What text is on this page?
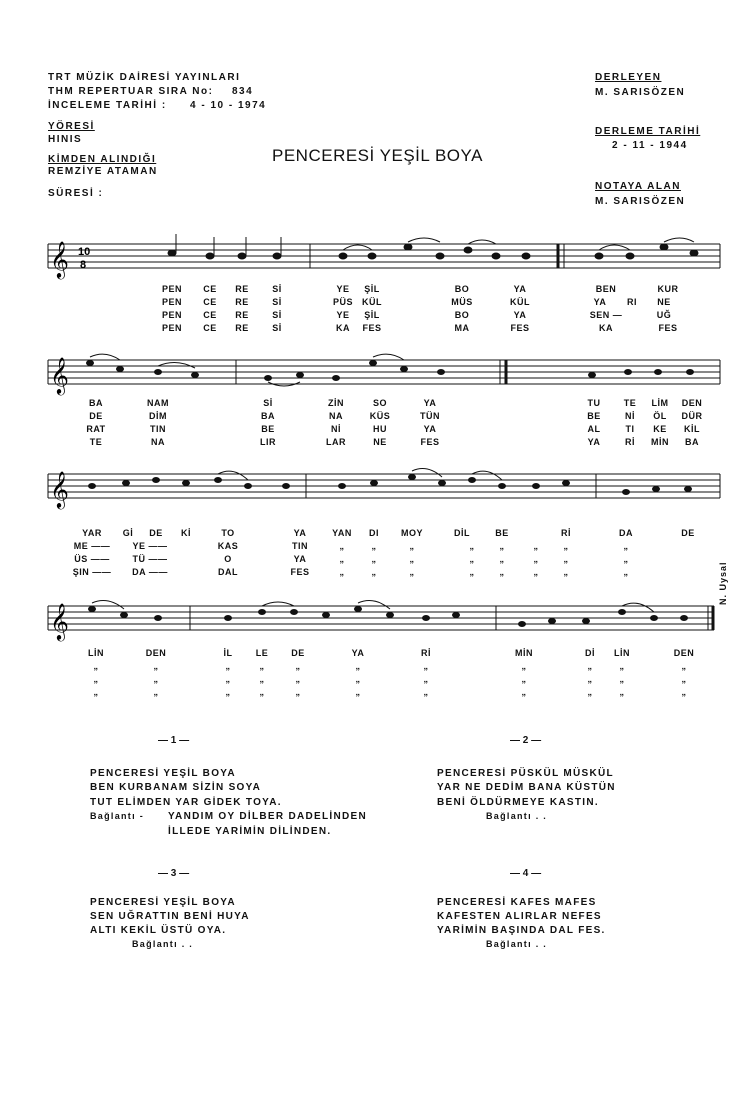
TRT MÜZİK DAİRESİ YAYINLARI
THM REPERTUAR SIRA No: 834
İNCELEME TARİHİ : 4 - 10 - 1974
YÖRESİ
HINIS
KİMDEN ALINDIĞI
REMZİYE ATAMAN
SÜRESİ :
DERLEYEN
M. SARISÖZEN
DERLEME TARİHİ
2 - 11 - 1944
NOTAYA ALAN
M. SARISÖZEN
PENCERESİ YEŞİL BOYA
𝄞 10
8
𝄞
𝄞
𝄞
N. Uysal
PEN CE RE	Sİ	YE ŞİL	BO	YA	BEN	KUR
PEN CE RE	Sİ	PÜS KÜL	MÜS	KÜL	YA RI NE
PEN CE RE	Sİ	YE ŞİL	BO	YA	SEN —	UĞ
PEN CE RE	Sİ	KA FES	MA	FES	KA	FES
BA	NAM	Sİ	ZİN	SO	YA	TU	TE LİM DEN
DE	DİM	BA	NA	KÜS	TÜN	BE	Nİ ÖL DÜR
RAT	TIN	BE	Nİ	HU	YA	AL	TI KE KİL
TE	NA	LIR	LAR	NE	FES	YA	Rİ MİN BA
YAR Gİ DE Kİ	TO	YA	YAN DI MOY	DİL	BE	Rİ	DA	DE
ME —— YE ——	KAS	TIN	„	„	„	„	„	„	„	„
ÜS ——	TÜ ——	O	YA	„	„	„	„	„	„	„	„
ŞIN —— DA ——	DAL	FES	„	„	„	„	„	„	„	„
LİN	DEN	İL	LE	DE	YA	Rİ	MİN	Dİ LİN	DEN
„	„	„	„	„	„	„	„	„	„	„
„	„	„	„	„	„	„	„	„	„	„
„	„	„	„	„	„	„	„	„	„	„
— 1 —
PENCERESİ YEŞİL BOYA
BEN KURBANAM SİZİN SOYA
TUT ELİMDEN YAR GİDEK TOYA.
Bağlantı - YANDIM OY DİLBER DADELİNDEN
İLLEDE YARİMİN DİLİNDEN.
— 2 —
PENCERESİ PÜSKÜL MÜSKÜL
YAR NE DEDİM BANA KÜSTÜN
BENİ ÖLDÜRMEYE KASTIN.
Bağlantı . .
— 3 —
PENCERESİ YEŞİL BOYA
SEN UĞRATTIN BENİ HUYA
ALTI KEKİL ÜSTÜ OYA.
Bağlantı . .
— 4 —
PENCERESİ KAFES MAFES
KAFESTEN ALIRLAR NEFES
YARİMİN BAŞINDA DAL FES.
Bağlantı . .
